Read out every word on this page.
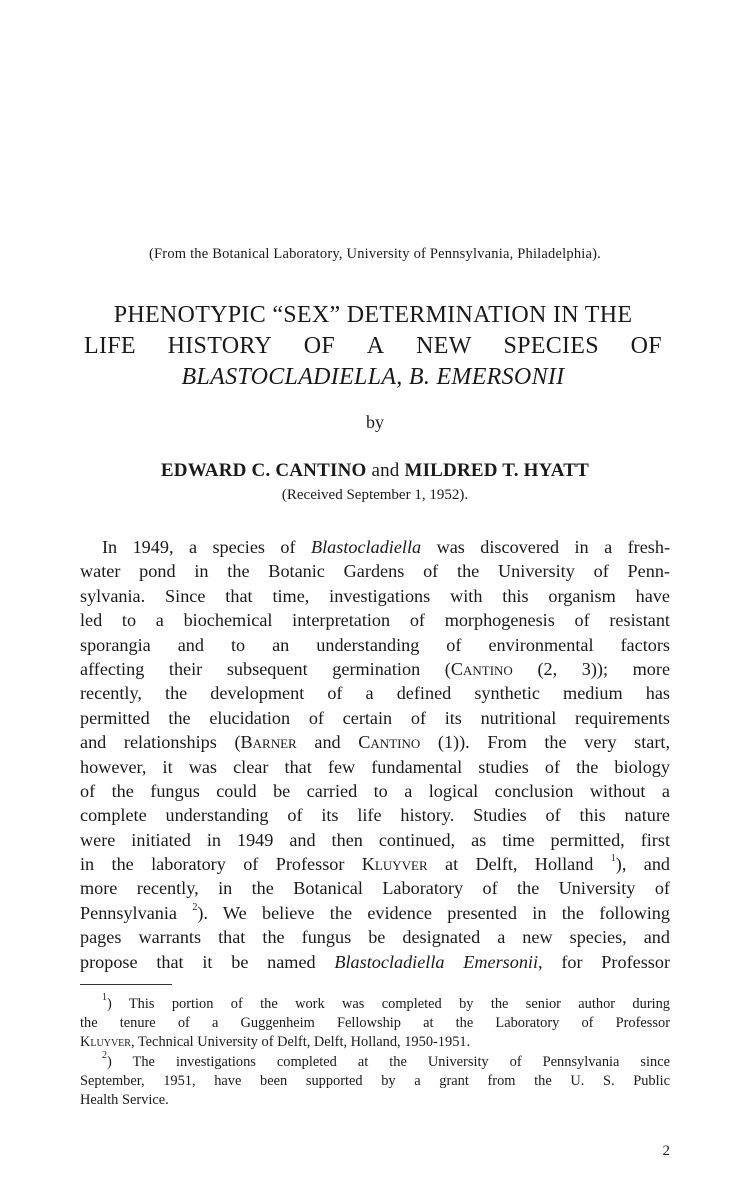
(From the Botanical Laboratory, University of Pennsylvania, Philadelphia).
PHENOTYPIC “SEX” DETERMINATION IN THE
LIFE HISTORY OF A NEW SPECIES OF
BLASTOCLADIELLA, B. EMERSONII
by
EDWARD C. CANTINO and MILDRED T. HYATT
(Received September 1, 1952).
In 1949, a species of Blastocladiella was discovered in a fresh-
water pond in the Botanic Gardens of the University of Penn-
sylvania. Since that time, investigations with this organism have
led to a biochemical interpretation of morphogenesis of resistant
sporangia and to an understanding of environmental factors
affecting their subsequent germination (Cantino (2, 3)); more
recently, the development of a defined synthetic medium has
permitted the elucidation of certain of its nutritional requirements
and relationships (Barner and Cantino (1)). From the very start,
however, it was clear that few fundamental studies of the biology
of the fungus could be carried to a logical conclusion without a
complete understanding of its life history. Studies of this nature
were initiated in 1949 and then continued, as time permitted, first
in the laboratory of Professor Kluyver at Delft, Holland $^1$), and
more recently, in the Botanical Laboratory of the University of
Pennsylvania $^2$). We believe the evidence presented in the following
pages warrants that the fungus be designated a new species, and
propose that it be named Blastocladiella Emersonii, for Professor
$^1$) This portion of the work was completed by the senior author during
the tenure of a Guggenheim Fellowship at the Laboratory of Professor
Kluyver, Technical University of Delft, Delft, Holland, 1950-1951.
$^2$) The investigations completed at the University of Pennsylvania since
September, 1951, have been supported by a grant from the U. S. Public
Health Service.
2
